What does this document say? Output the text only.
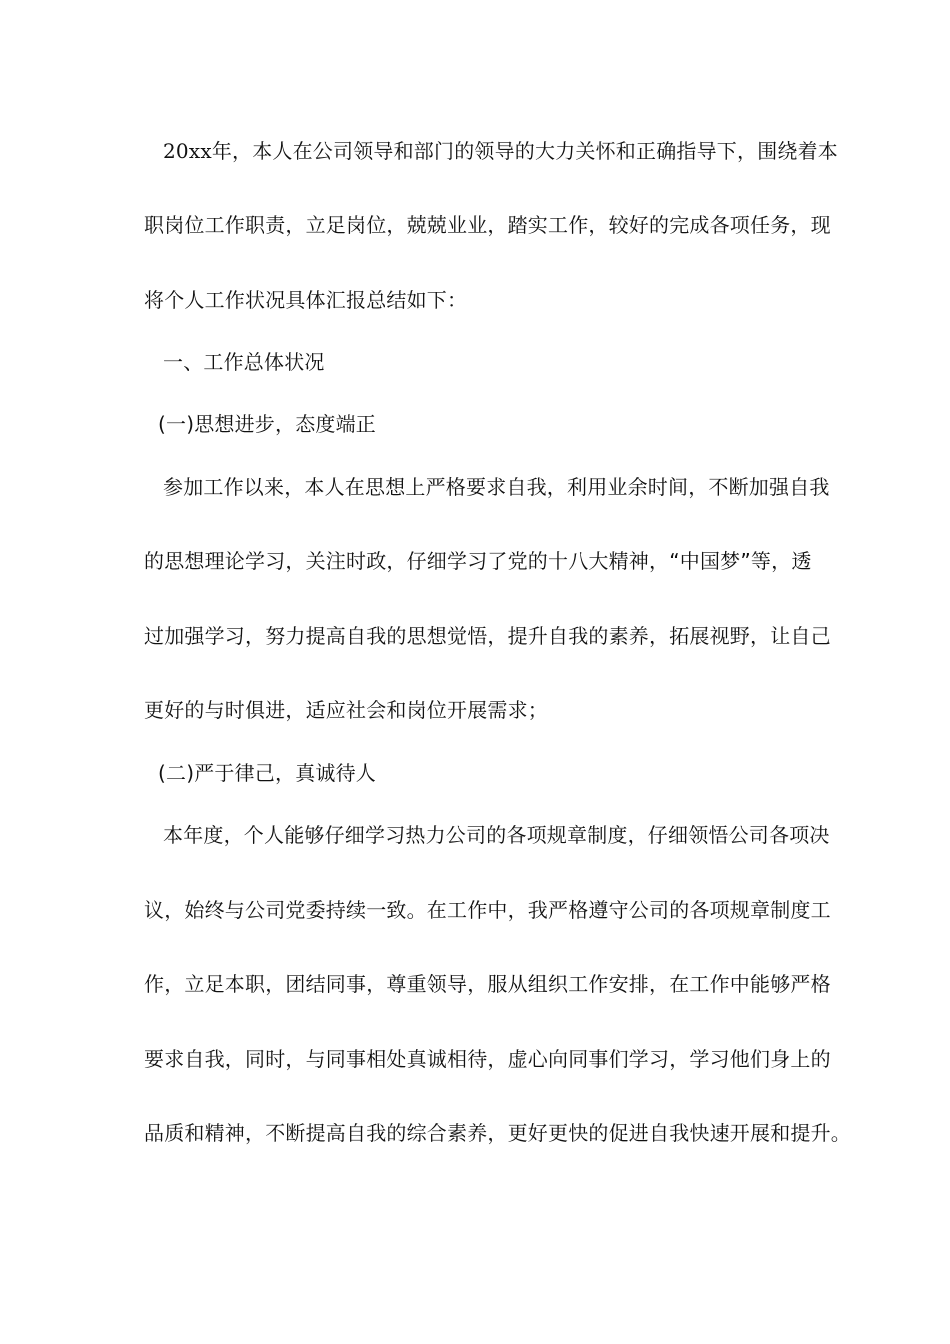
20xx年，本人在公司领导和部门的领导的大力关怀和正确指导下，围绕着本
职岗位工作职责，立足岗位，兢兢业业，踏实工作，较好的完成各项任务，现
将个人工作状况具体汇报总结如下：
一、工作总体状况
(一)思想进步，态度端正
参加工作以来，本人在思想上严格要求自我，利用业余时间，不断加强自我
的思想理论学习，关注时政，仔细学习了党的十八大精神，“中国梦”等，透
过加强学习，努力提高自我的思想觉悟，提升自我的素养，拓展视野，让自己
更好的与时俱进，适应社会和岗位开展需求；
(二)严于律己，真诚待人
本年度，个人能够仔细学习热力公司的各项规章制度，仔细领悟公司各项决
议，始终与公司党委持续一致。在工作中，我严格遵守公司的各项规章制度工
作，立足本职，团结同事，尊重领导，服从组织工作安排，在工作中能够严格
要求自我，同时，与同事相处真诚相待，虚心向同事们学习，学习他们身上的
品质和精神，不断提高自我的综合素养，更好更快的促进自我快速开展和提升。
